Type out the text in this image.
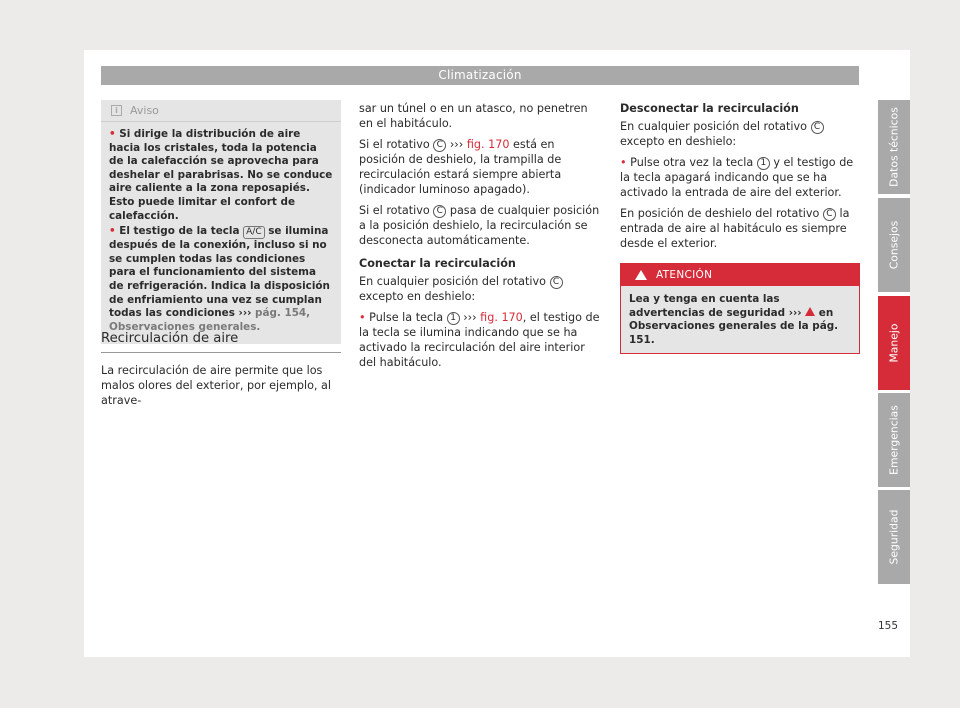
Climatización
i	Aviso
• Si dirige la distribución de aire hacia los cristales, toda la potencia de la calefacción se aprovecha para deshelar el parabrisas. No se conduce aire caliente a la zona reposapiés. Esto puede limitar el confort de calefacción.
• El testigo de la tecla A/C se ilumina después de la conexión, incluso si no se cumplen todas las condiciones para el funcionamiento del sistema de refrigeración. Indica la disposición de enfriamiento una vez se cumplan todas las condiciones ››› pág. 154, Observaciones generales.
Recirculación de aire
La recirculación de aire permite que los malos olores del exterior, por ejemplo, al atrave-

sar un túnel o en un atasco, no penetren en el habitáculo.

Si el rotativo C ››› fig. 170 está en posición de deshielo, la trampilla de recirculación estará siempre abierta (indicador luminoso apagado).

Si el rotativo C pasa de cualquier posición a la posición deshielo, la recirculación se desconecta automáticamente.

Conectar la recirculación

En cualquier posición del rotativo C excepto en deshielo:

• Pulse la tecla 1 ››› fig. 170, el testigo de la tecla se ilumina indicando que se ha activado la recirculación del aire interior del habitáculo.

Desconectar la recirculación

En cualquier posición del rotativo C excepto en deshielo:

• Pulse otra vez la tecla 1 y el testigo de la tecla apagará indicando que se ha activado la entrada de aire del exterior.

En posición de deshielo del rotativo C la entrada de aire al habitáculo es siempre desde el exterior.

ATENCIÓN
Lea y tenga en cuenta las advertencias de seguridad ›››  en Observaciones generales de la pág. 151.
Datos técnicos
Consejos
Manejo
Emergencias
Seguridad
155
